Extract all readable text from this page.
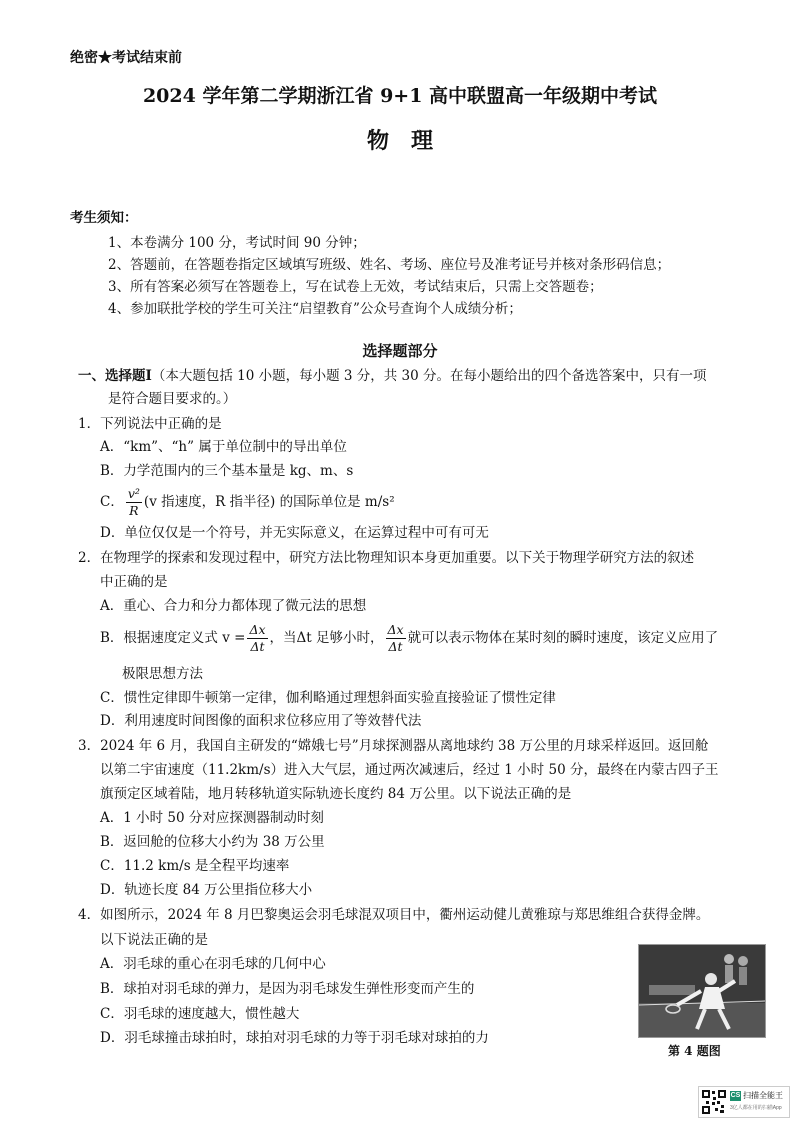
绝密★考试结束前
2024 学年第二学期浙江省 9+1 高中联盟高一年级期中考试
物　理
考生须知：
1、本卷满分 100 分，考试时间 90 分钟；
2、答题前，在答题卷指定区域填写班级、姓名、考场、座位号及准考证号并核对条形码信息；
3、所有答案必须写在答题卷上，写在试卷上无效，考试结束后，只需上交答题卷；
4、参加联批学校的学生可关注“启望教育”公众号查询个人成绩分析；
选择题部分
一、选择题Ⅰ（本大题包括 10 小题，每小题 3 分，共 30 分。在每小题给出的四个备选答案中，只有一项
是符合题目要求的。）
1．下列说法中正确的是
A．“km”、“h” 属于单位制中的导出单位
B．力学范围内的三个基本量是 kg、m、s
C． $\frac{\text{v²}}{R} (v$ 指速度，R 指半径) 的国际单位是 m/s²
D．单位仅仅是一个符号，并无实际意义，在运算过程中可有可无
2．在物理学的探索和发现过程中，研究方法比物理知识本身更加重要。以下关于物理学研究方法的叙述
中正确的是
A．重心、合力和分力都体现了微元法的思想
B．根据速度定义式 $v = \frac{\Delta x}{\Delta t}$ ，当Δt 足够小时， $\frac{\Delta x}{\Delta t}$ 就可以表示物体在某时刻的瞬时速度，该定义应用了
极限思想方法
C．惯性定律即牛顿第一定律，伽利略通过理想斜面实验直接验证了惯性定律
D．利用速度时间图像的面积求位移应用了等效替代法
3．2024 年 6 月，我国自主研发的“嫦娥七号”月球探测器从离地球约 38 万公里的月球采样返回。返回舱
以第二宇宙速度（11.2km/s）进入大气层，通过两次减速后，经过 1 小时 50 分，最终在内蒙古四子王
旗预定区域着陆，地月转移轨道实际轨迹长度约 84 万公里。以下说法正确的是
A．1 小时 50 分对应探测器制动时刻
B．返回舱的位移大小约为 38 万公里
C．11.2 km/s 是全程平均速率
D．轨迹长度 84 万公里指位移大小
4．如图所示，2024 年 8 月巴黎奥运会羽毛球混双项目中，衢州运动健儿黄雅琼与郑思维组合获得金牌。
以下说法正确的是
A．羽毛球的重心在羽毛球的几何中心
B．球拍对羽毛球的弹力，是因为羽毛球发生弹性形变而产生的
C．羽毛球的速度越大，惯性越大
D．羽毛球撞击球拍时，球拍对羽毛球的力等于羽毛球对球拍的力
第 4 题图
CS 扫描全能王
3亿人都在用的扫描App
